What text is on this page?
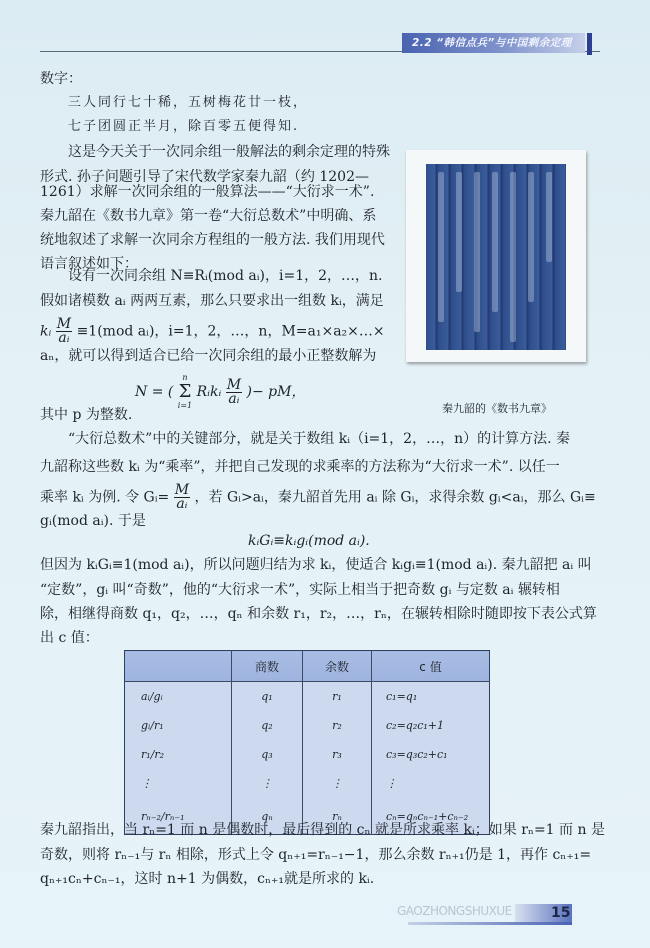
2.2 “韩信点兵”与中国剩余定理
数字：
三人同行七十稀，五树梅花廿一枝，
七子团圆正半月，除百零五便得知.
　　这是今天关于一次同余组一般解法的剩余定理的特殊
形式. 孙子问题引导了宋代数学家秦九韶（约 1202—
1261）求解一次同余组的一般算法——“大衍求一术”.
秦九韶在《数书九章》第一卷“大衍总数术”中明确、系
统地叙述了求解一次同余方程组的一般方法. 我们用现代
语言叙述如下：
　　设有一次同余组 N≡Rᵢ(mod aᵢ)，i=1，2，…，n.
假如诸模数 aᵢ 两两互素，那么只要求出一组数 kᵢ，满足
kᵢ $\frac{M}{\text{aᵢ}} \equiv 1(mod$ aᵢ)，i=1，2，…，n，M=a₁×a₂×…×
aₙ，就可以得到适合已给一次同余组的最小正整数解为
N = (
n
Σ
i=1
Rᵢkᵢ $\frac{M}{\text{aᵢ}}$ )− pM，
其中 p 为整数.	秦九韶的《数书九章》
　　“大衍总数术”中的关键部分，就是关于数组 kᵢ（i=1，2，…，n）的计算方法. 秦
九韶称这些数 kᵢ 为“乘率”，并把自己发现的求乘率的方法称为“大衍求一术”. 以任一
乘率 kᵢ 为例. 令 Gᵢ= $\frac{M}{\text{aᵢ}}$ ，若 Gᵢ>aᵢ，秦九韶首先用 aᵢ 除 Gᵢ，求得余数 gᵢ<aᵢ，那么 Gᵢ≡
gᵢ(mod aᵢ). 于是
kᵢGᵢ≡kᵢgᵢ(mod aᵢ).
但因为 kᵢGᵢ≡1(mod aᵢ)，所以问题归结为求 kᵢ，使适合 kᵢgᵢ≡1(mod aᵢ). 秦九韶把 aᵢ 叫
“定数”，gᵢ 叫“奇数”，他的“大衍求一术”，实际上相当于把奇数 gᵢ 与定数 aᵢ 辗转相
除，相继得商数 q₁，q₂，…，qₙ 和余数 r₁，r₂，…，rₙ，在辗转相除时随即按下表公式算
出 c 值：
	商数	余数	c 值
aᵢ/gᵢ	q₁	r₁	c₁=q₁
gᵢ/r₁	q₂	r₂	c₂=q₂c₁+1
r₁/r₂	q₃	r₃	c₃=q₃c₂+c₁
⋮	⋮	⋮	⋮
rₙ₋₂/rₙ₋₁	qₙ	rₙ	cₙ=qₙcₙ₋₁+cₙ₋₂
秦九韶指出，当 rₙ=1 而 n 是偶数时，最后得到的 cₙ 就是所求乘率 kᵢ；如果 rₙ=1 而 n 是
奇数，则将 rₙ₋₁与 rₙ 相除，形式上令 qₙ₊₁=rₙ₋₁−1，那么余数 rₙ₊₁仍是 1，再作 cₙ₊₁=
qₙ₊₁cₙ+cₙ₋₁，这时 n+1 为偶数，cₙ₊₁就是所求的 kᵢ.
GAOZHONGSHUXUE	15
